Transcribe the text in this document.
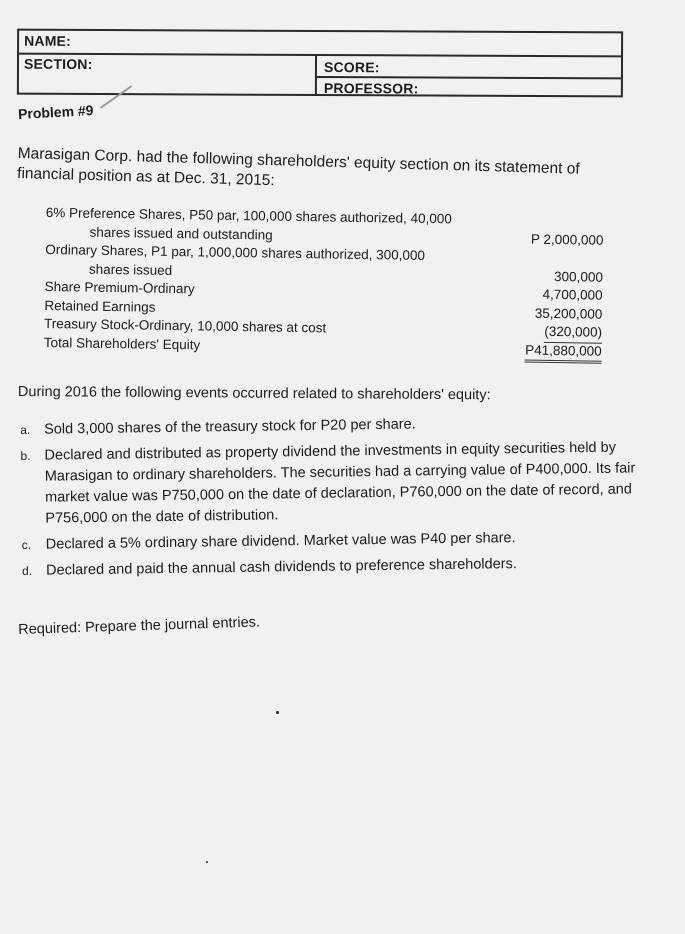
NAME:
SECTION:	SCORE:
PROFESSOR:
Problem #9
Marasigan Corp. had the following shareholders' equity section on its statement of financial position as at Dec. 31, 2015:
6% Preference Shares, P50 par, 100,000 shares authorized, 40,000
shares issued and outstanding	P 2,000,000
Ordinary Shares, P1 par, 1,000,000 shares authorized, 300,000
shares issued	300,000
Share Premium-Ordinary	4,700,000
Retained Earnings	35,200,000
Treasury Stock-Ordinary, 10,000 shares at cost	(320,000)
Total Shareholders' Equity	P41,880,000
During 2016 the following events occurred related to shareholders' equity:
a. Sold 3,000 shares of the treasury stock for P20 per share.
b. Declared and distributed as property dividend the investments in equity securities held by Marasigan to ordinary shareholders. The securities had a carrying value of P400,000. Its fair market value was P750,000 on the date of declaration, P760,000 on the date of record, and P756,000 on the date of distribution.
c. Declared a 5% ordinary share dividend. Market value was P40 per share.
d. Declared and paid the annual cash dividends to preference shareholders.
Required: Prepare the journal entries.
